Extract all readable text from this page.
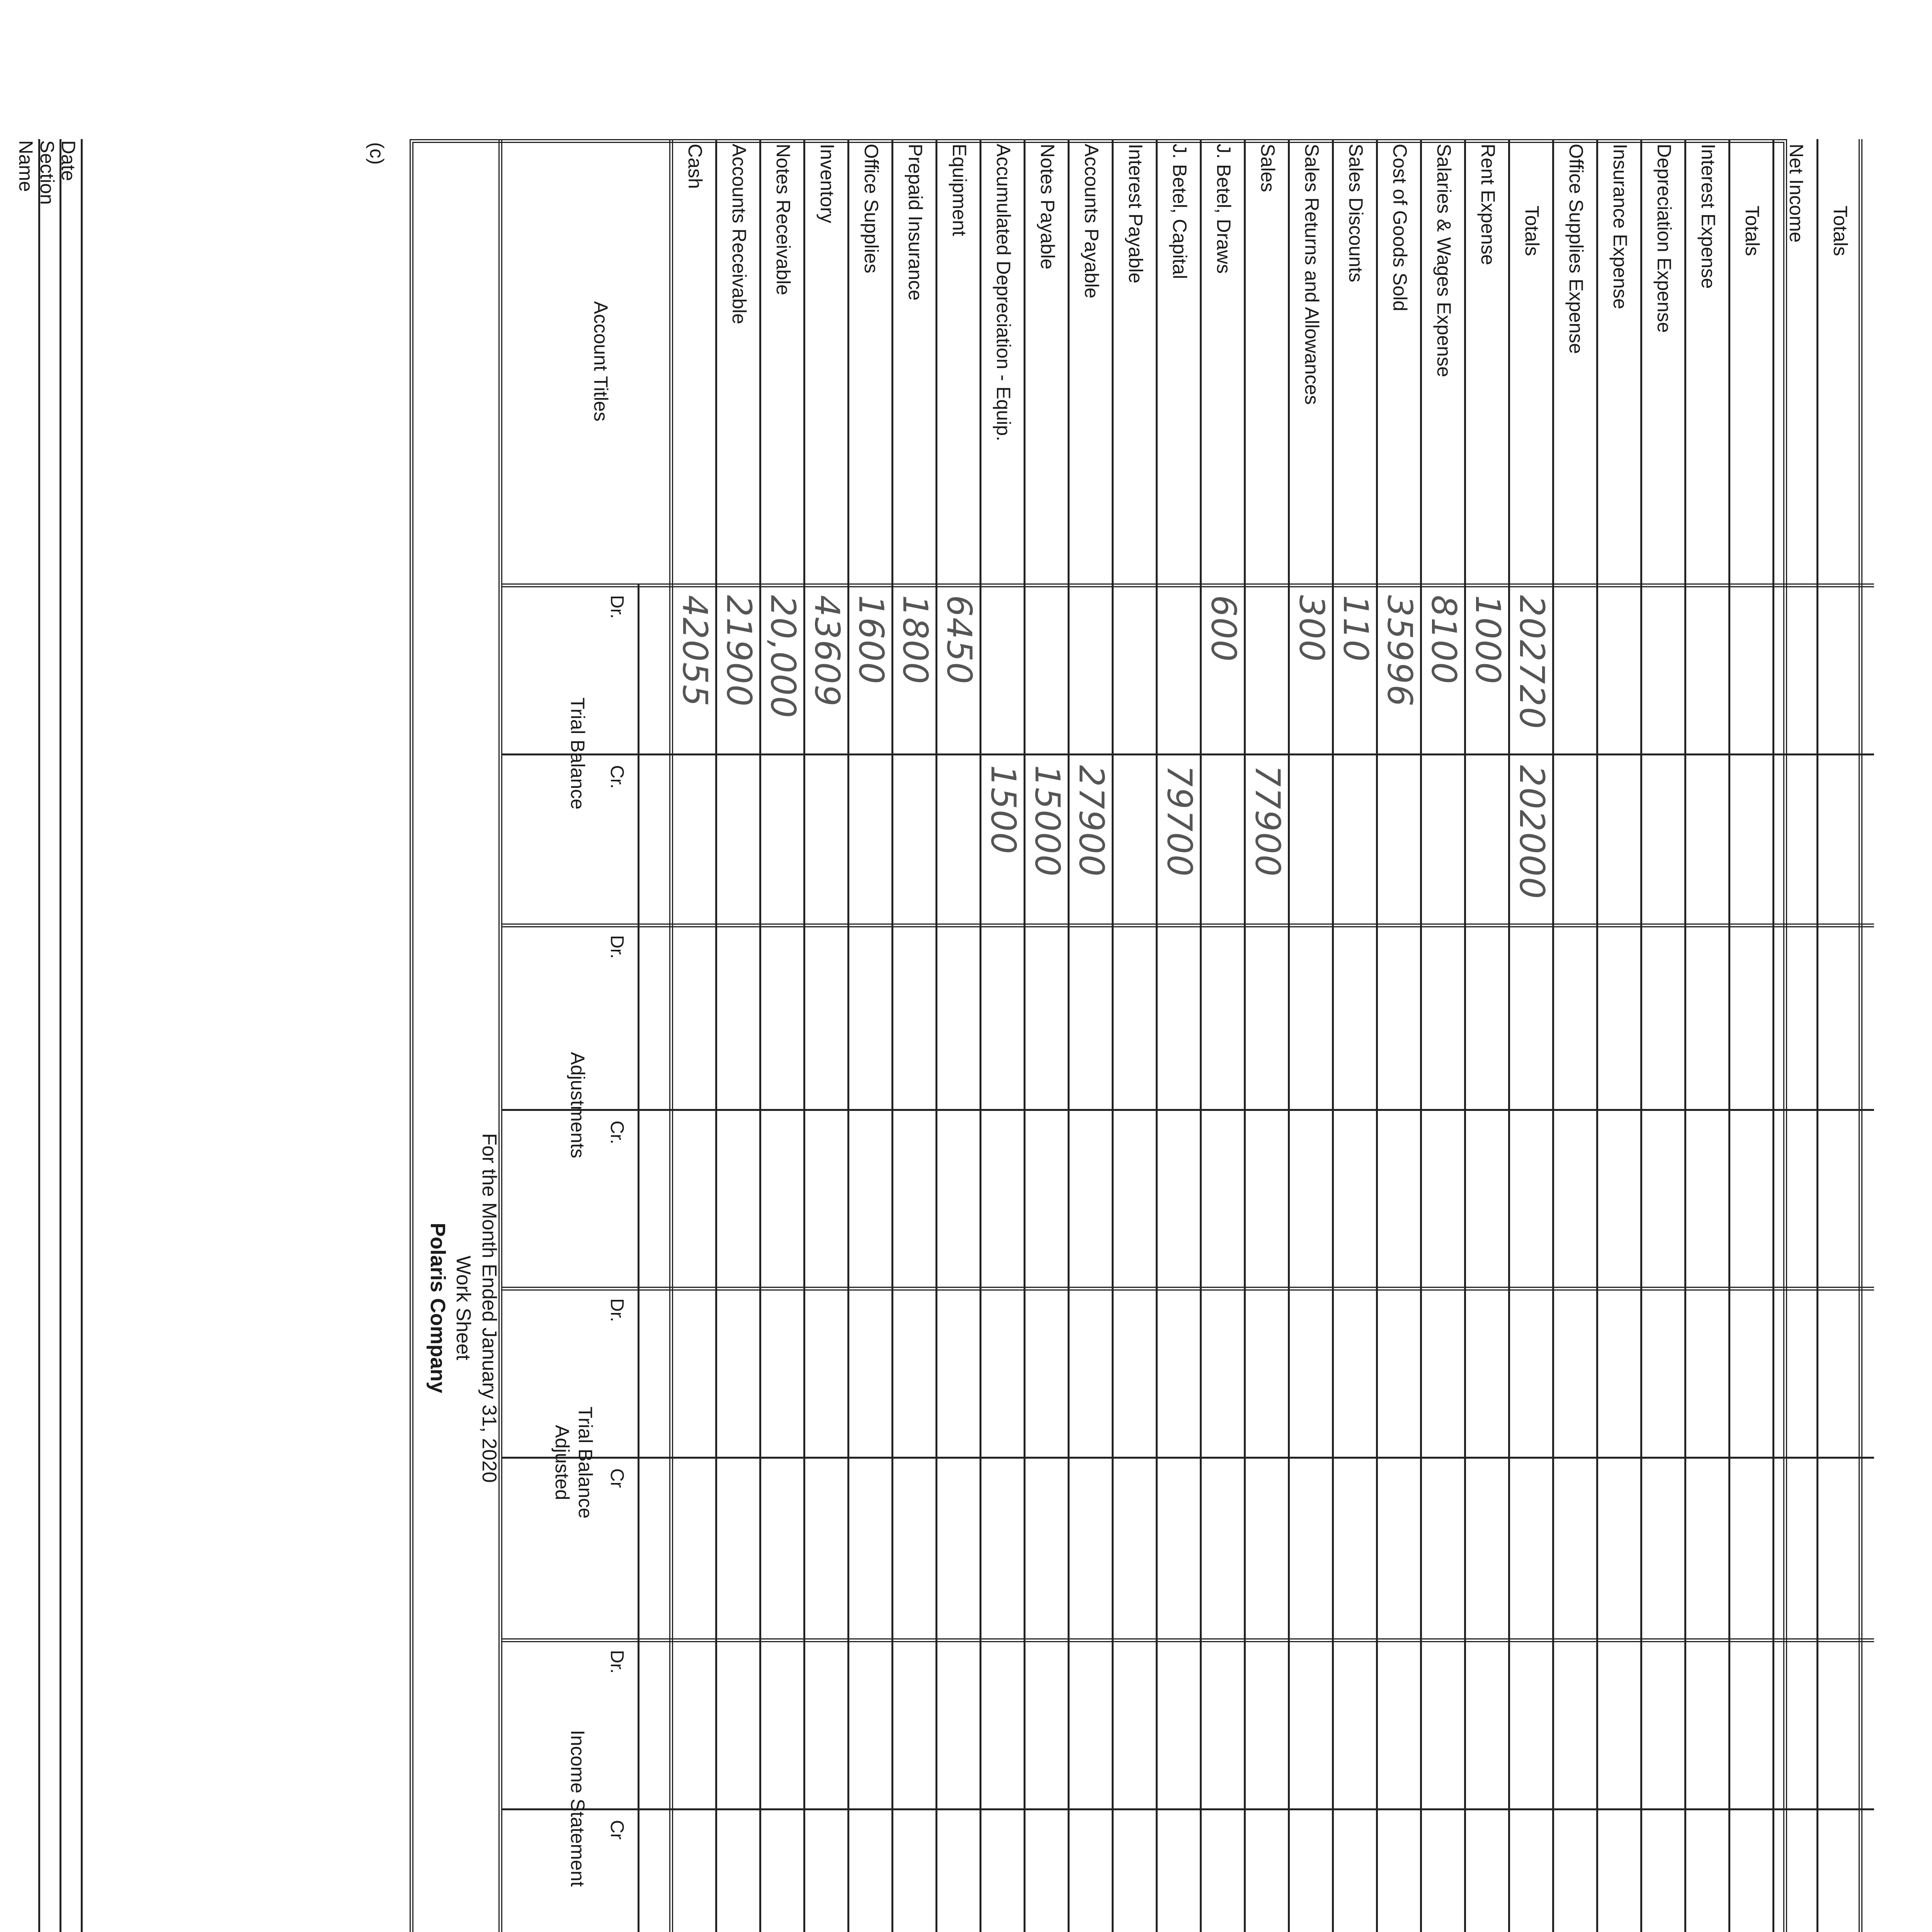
Name Section Date	(c)
Polaris Company Work Sheet For the Month Ended January 31, 2020
Account Titles
Trial Balance
Dr.
Cr.
Adjustments
Dr.
Cr.
Trial Balance
Adjusted
Dr.
Cr
Income Statement
Dr.
Cr
Cash
42055
Accounts Receivable
21900
Notes Receivable
20,000
Inventory
43609
Office Supplies
1600
Prepaid Insurance
1800
Equipment
6450
Accumulated Depreciation - Equip.
1500
Notes Payable
15000
Accounts Payable
27900
Interest Payable J. Betel, Capital
79700
J. Betel, Draws
600
Sales
77900
Sales Returns and Allowances
300
Sales Discounts
110
Cost of Goods Sold
35996
Salaries & Wages Expense
8100
Rent Expense
1000
Totals
202720
202000
Office Supplies Expense Insurance Expense Depreciation Expense Interest Expense Totals Net Income Totals
